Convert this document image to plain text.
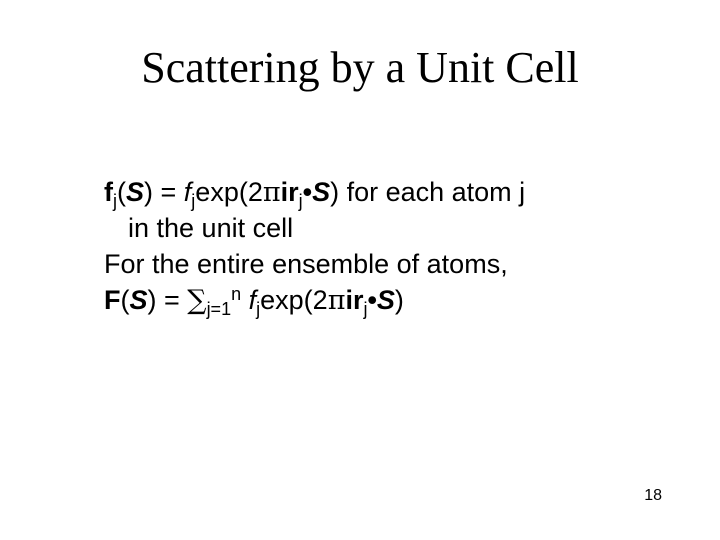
Scattering by a Unit Cell
$f_j(S)$ = $f_j\exp(2\pi ir_j•S)$ for each atom j
in the unit cell
For the entire ensemble of atoms,
$F(S) = \sum_{j=1}^n$ $f_j\exp(2\pi ir_j•S)$
18
